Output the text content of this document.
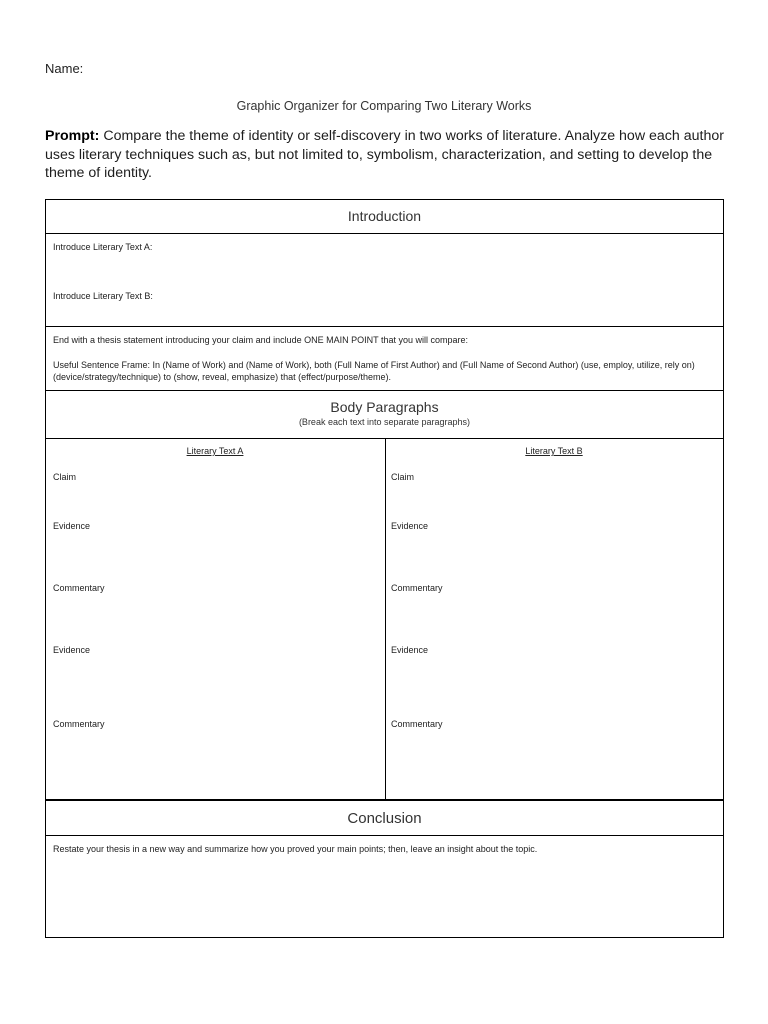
Name:
Graphic Organizer for Comparing Two Literary Works
Prompt: Compare the theme of identity or self-discovery in two works of literature. Analyze how each author uses literary techniques such as, but not limited to, symbolism, characterization, and setting to develop the theme of identity.
Introduction
Introduce Literary Text A:
Introduce Literary Text B:
End with a thesis statement introducing your claim and include ONE MAIN POINT that you will compare:
Useful Sentence Frame: In (Name of Work) and (Name of Work), both (Full Name of First Author) and (Full Name of Second Author) (use, employ, utilize, rely on) (device/strategy/technique) to (show, reveal, emphasize) that (effect/purpose/theme).
Body Paragraphs
(Break each text into separate paragraphs)
Literary Text A
Claim
Evidence
Commentary
Evidence
Commentary
Literary Text B
Claim
Evidence
Commentary
Evidence
Commentary
Conclusion
Restate your thesis in a new way and summarize how you proved your main points; then, leave an insight about the topic.
